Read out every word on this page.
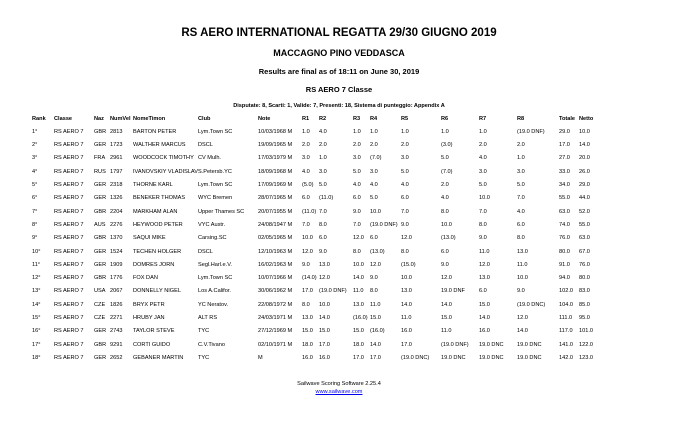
RS AERO INTERNATIONAL REGATTA 29/30 GIUGNO 2019
MACCAGNO PINO VEDDASCA
Results are final as of 18:11 on June 30, 2019
RS AERO 7 Classe
Disputate: 8, Scarti: 1, Valide: 7, Presenti: 18, Sistema di punteggio: Appendix A
Rank	Classe	Naz	NumVel	NomeTimon	Club	Note	R1	R2	R3	R4	R5	R6	R7	R8	Totale	Netto
1°	RS AERO 7	GBR	2813	BARTON PETER	Lym.Town SC	10/03/1968 M	1.0	4.0	1.0	1.0	1.0	1.0	1.0	(19.0 DNF)	29.0	10.0
2°	RS AERO 7	GER	1723	WALTHER MARCUS	DSCL	19/09/1965 M	2.0	2.0	2.0	2.0	2.0	(3.0)	2.0	2.0	17.0	14.0
3°	RS AERO 7	FRA	2961	WOODCOCK TIMOTHY	CV Mulh.	17/03/1979 M	3.0	1.0	3.0	(7.0)	3.0	5.0	4.0	1.0	27.0	20.0
4°	RS AERO 7	RUS	1797	IVANOVSKIY VLADISLAV	S.Petersb.YC	18/09/1968 M	4.0	3.0	5.0	3.0	5.0	(7.0)	3.0	3.0	33.0	26.0
5°	RS AERO 7	GER	2318	THORNE KARL	Lym.Town SC	17/09/1969 M	(5.0)	5.0	4.0	4.0	4.0	2.0	5.0	5.0	34.0	29.0
6°	RS AERO 7	GER	1326	BENEKER THOMAS	WYC Bremen	28/07/1965 M	6.0	(11.0)	6.0	5.0	6.0	4.0	10.0	7.0	55.0	44.0
7°	RS AERO 7	GBR	2204	MARKHAM ALAN	Upper Thames SC	20/07/1955 M	(11.0)	7.0	9.0	10.0	7.0	8.0	7.0	4.0	63.0	52.0
8°	RS AERO 7	AUS	2276	HEYWOOD PETER	VYC Austr.	24/08/1947 M	7.0	8.0	7.0	(19.0 DNF)	9.0	10.0	8.0	6.0	74.0	55.0
9°	RS AERO 7	GBR	1370	SAQUI MIKE	Carsing.SC	02/05/1965 M	10.0	6.0	12.0	6.0	12.0	(13.0)	9.0	8.0	76.0	63.0
10°	RS AERO 7	GER	1524	TECHEN HOLGER	DSCL	12/10/1963 M	12.0	9.0	8.0	(13.0)	8.0	6.0	11.0	13.0	80.0	67.0
11°	RS AERO 7	GER	1909	DOMRES JORN	Segl.Harl.e.V.	16/02/1963 M	9.0	13.0	10.0	12.0	(15.0)	9.0	12.0	11.0	91.0	76.0
12°	RS AERO 7	GBR	1776	FOX DAN	Lym.Town SC	10/07/1966 M	(14.0)	12.0	14.0	9.0	10.0	12.0	13.0	10.0	94.0	80.0
13°	RS AERO 7	USA	2067	DONNELLY NIGEL	Los A.Califor.	30/06/1962 M	17.0	(19.0 DNF)	11.0	8.0	13.0	19.0 DNF	6.0	9.0	102.0	83.0
14°	RS AERO 7	CZE	1826	BRYX PETR	YC Neratov.	22/08/1972 M	8.0	10.0	13.0	11.0	14.0	14.0	15.0	(19.0 DNC)	104.0	85.0
15°	RS AERO 7	CZE	2271	HRUBY JAN	ALT RS	24/03/1971 M	13.0	14.0	(16.0)	15.0	11.0	15.0	14.0	12.0	111.0	95.0
16°	RS AERO 7	GER	2743	TAYLOR STEVE	TYC	27/12/1969 M	15.0	15.0	15.0	(16.0)	16.0	11.0	16.0	14.0	117.0	101.0
17°	RS AERO 7	GBR	9291	CORTI GUIDO	C.V.Tivano	02/10/1971 M	18.0	17.0	18.0	14.0	17.0	(19.0 DNF)	19.0 DNC	19.0 DNC	141.0	122.0
18°	RS AERO 7	GER	2652	GEBANER MARTIN	TYC	M	16.0	16.0	17.0	17.0	(19.0 DNC)	19.0 DNC	19.0 DNC	19.0 DNC	142.0	123.0
Sailwave Scoring Software 2.25.4
www.sailwave.com
